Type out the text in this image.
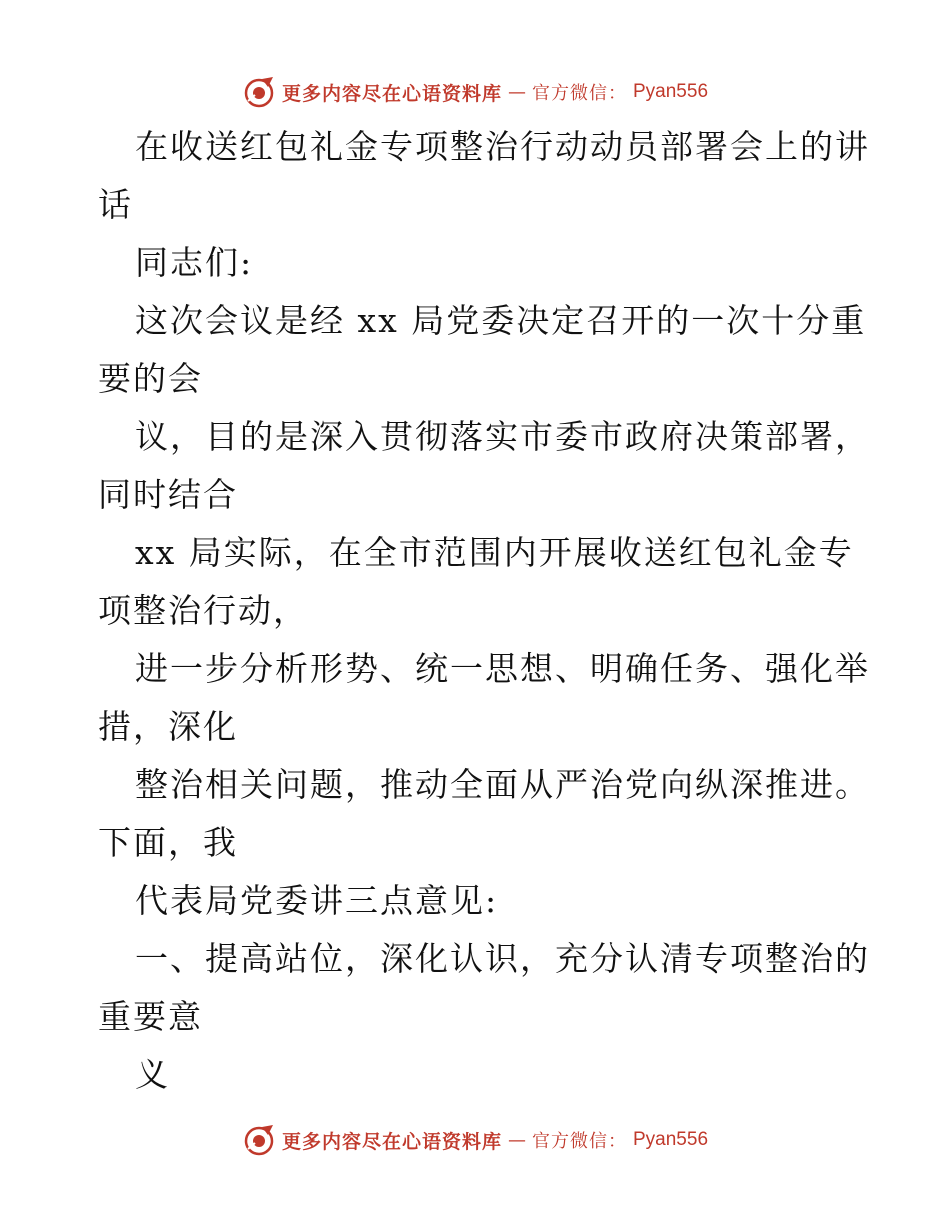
更多内容尽在心语资料库 — 官方微信： Pyan556
在收送红包礼金专项整治行动动员部署会上的讲
话
同志们:
这次会议是经 xx 局党委决定召开的一次十分重
要的会
议，目的是深入贯彻落实市委市政府决策部署，
同时结合
xx 局实际，在全市范围内开展收送红包礼金专
项整治行动，
进一步分析形势、统一思想、明确任务、强化举
措，深化
整治相关问题，推动全面从严治党向纵深推进。
下面，我
代表局党委讲三点意见:
一、提高站位，深化认识，充分认清专项整治的
重要意
义
更多内容尽在心语资料库 — 官方微信： Pyan556
